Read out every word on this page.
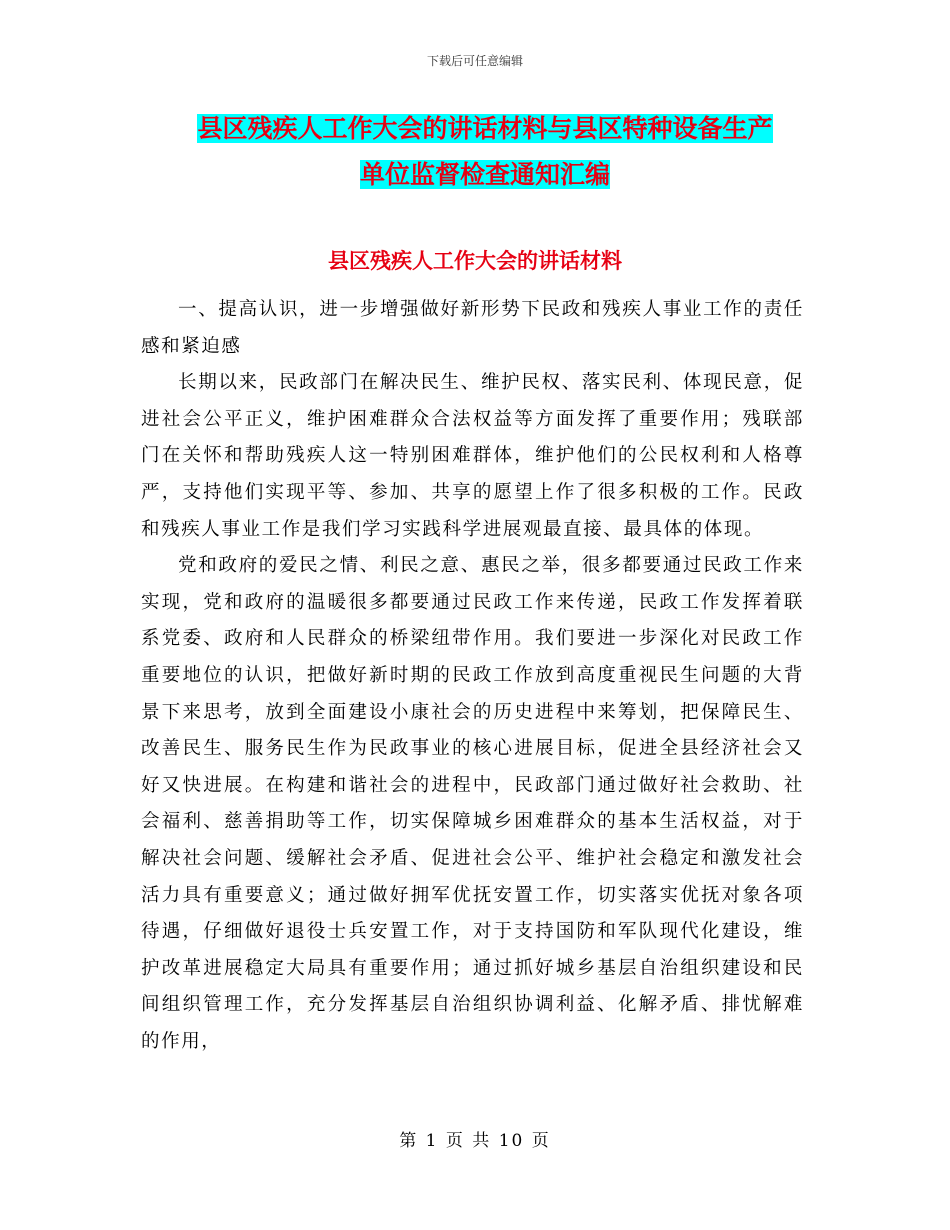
下载后可任意编辑
县区残疾人工作大会的讲话材料与县区特种设备生产
单位监督检查通知汇编
县区残疾人工作大会的讲话材料

一、提高认识，进一步增强做好新形势下民政和残疾人事业工作的责任感和紧迫感

长期以来，民政部门在解决民生、维护民权、落实民利、体现民意，促进社会公平正义，维护困难群众合法权益等方面发挥了重要作用；残联部门在关怀和帮助残疾人这一特别困难群体，维护他们的公民权利和人格尊严，支持他们实现平等、参加、共享的愿望上作了很多积极的工作。民政和残疾人事业工作是我们学习实践科学进展观最直接、最具体的体现。

党和政府的爱民之情、利民之意、惠民之举，很多都要通过民政工作来实现，党和政府的温暖很多都要通过民政工作来传递，民政工作发挥着联系党委、政府和人民群众的桥梁纽带作用。我们要进一步深化对民政工作重要地位的认识，把做好新时期的民政工作放到高度重视民生问题的大背景下来思考，放到全面建设小康社会的历史进程中来筹划，把保障民生、改善民生、服务民生作为民政事业的核心进展目标，促进全县经济社会又好又快进展。在构建和谐社会的进程中，民政部门通过做好社会救助、社会福利、慈善捐助等工作，切实保障城乡困难群众的基本生活权益，对于解决社会问题、缓解社会矛盾、促进社会公平、维护社会稳定和激发社会活力具有重要意义；通过做好拥军优抚安置工作，切实落实优抚对象各项待遇，仔细做好退役士兵安置工作，对于支持国防和军队现代化建设，维护改革进展稳定大局具有重要作用；通过抓好城乡基层自治组织建设和民间组织管理工作，充分发挥基层自治组织协调利益、化解矛盾、排忧解难的作用，

第 1 页 共 10 页
